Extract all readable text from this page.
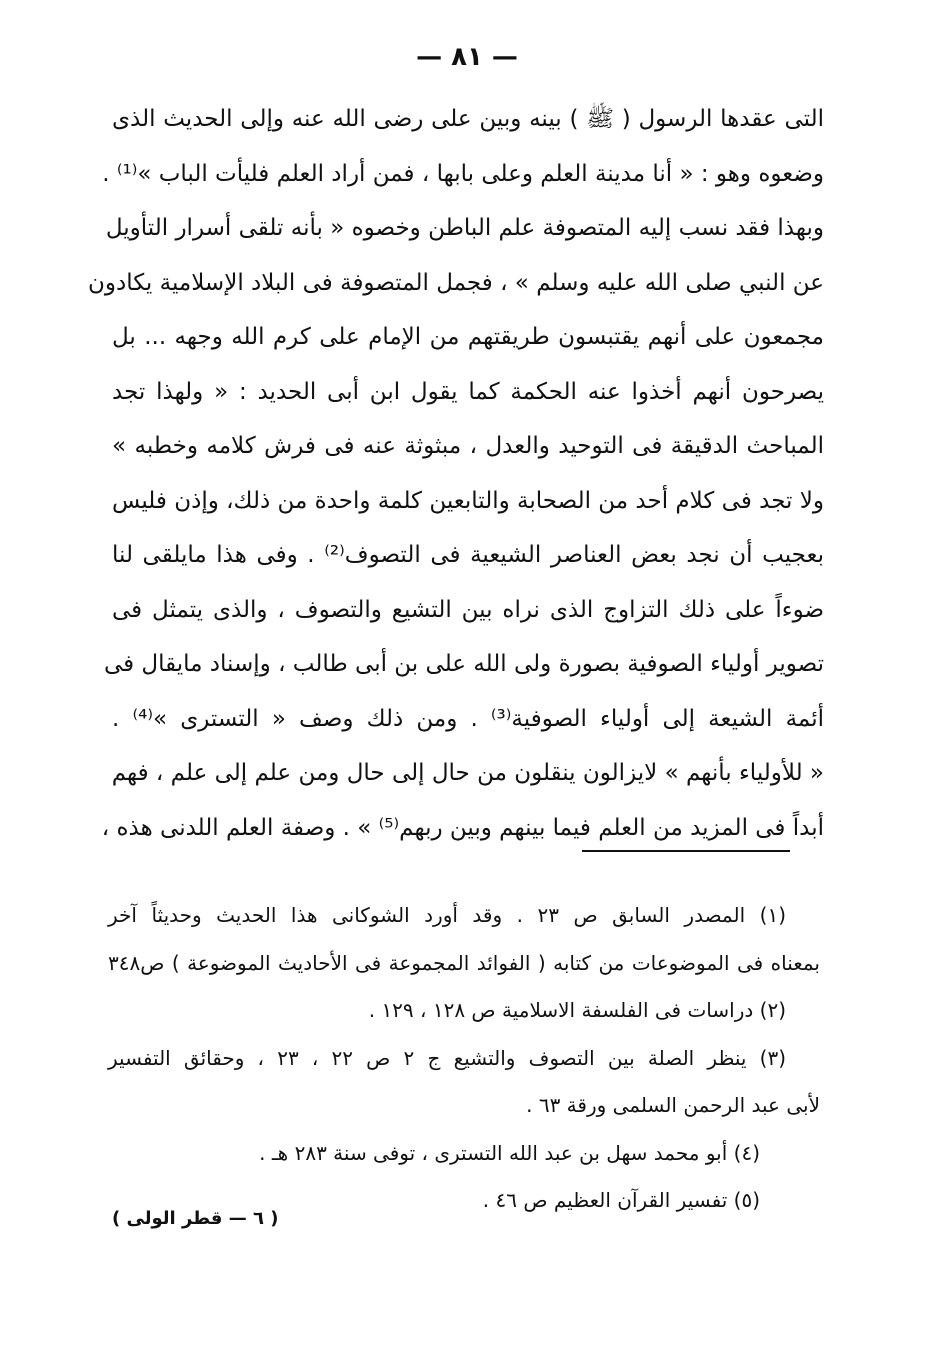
— ٨١ —
التى عقدها الرسول ( ﷺ ) بينه وبين على رضى الله عنه وإلى الحديث الذى
وضعوه وهو : « أنا مدينة العلم وعلى بابها ، فمن أراد العلم فليأت الباب »⁽¹⁾ .
وبهذا فقد نسب إليه المتصوفة علم الباطن وخصوه « بأنه تلقى أسرار التأويل
عن النبي صلى الله عليه وسلم » ، فجمل المتصوفة فى البلاد الإسلامية يكادون
مجمعون على أنهم يقتبسون طريقتهم من الإمام على كرم الله وجهه ... بل
يصرحون أنهم أخذوا عنه الحكمة كما يقول ابن أبى الحديد : « ولهذا تجد
المباحث الدقيقة فى التوحيد والعدل ، مبثوثة عنه فى فرش كلامه وخطبه »
ولا تجد فى كلام أحد من الصحابة والتابعين كلمة واحدة من ذلك، وإذن فليس
بعجيب أن نجد بعض العناصر الشيعية فى التصوف⁽²⁾ . وفى هذا مايلقى لنا
ضوءاً على ذلك التزاوج الذى نراه بين التشيع والتصوف ، والذى يتمثل فى
تصوير أولياء الصوفية بصورة ولى الله على بن أبى طالب ، وإسناد مايقال فى
أئمة الشيعة إلى أولياء الصوفية⁽³⁾ . ومن ذلك وصف « التسترى »⁽⁴⁾ .
« للأولياء بأنهم » لايزالون ينقلون من حال إلى حال ومن علم إلى علم ، فهم
أبداً فى المزيد من العلم فيما بينهم وبين ربهم⁽⁵⁾ » . وصفة العلم اللدنى هذه ،
(١) المصدر السابق ص ٢٣ . وقد أورد الشوكانى هذا الحديث وحديثاً آخر
بمعناه فى الموضوعات من كتابه ( الفوائد المجموعة فى الأحاديث الموضوعة ) ص٣٤٨
(٢) دراسات فى الفلسفة الاسلامية ص ١٢٨ ، ١٢٩ .
(٣) ينظر الصلة بين التصوف والتشيع ج ٢ ص ٢٢ ، ٢٣ ، وحقائق التفسير
لأبى عبد الرحمن السلمى ورقة ٦٣ .
(٤) أبو محمد سهل بن عبد الله التسترى ، توفى سنة ٢٨٣ هـ .
(٥) تفسير القرآن العظيم ص ٤٦ .
( ٦ — قطر الولى )
